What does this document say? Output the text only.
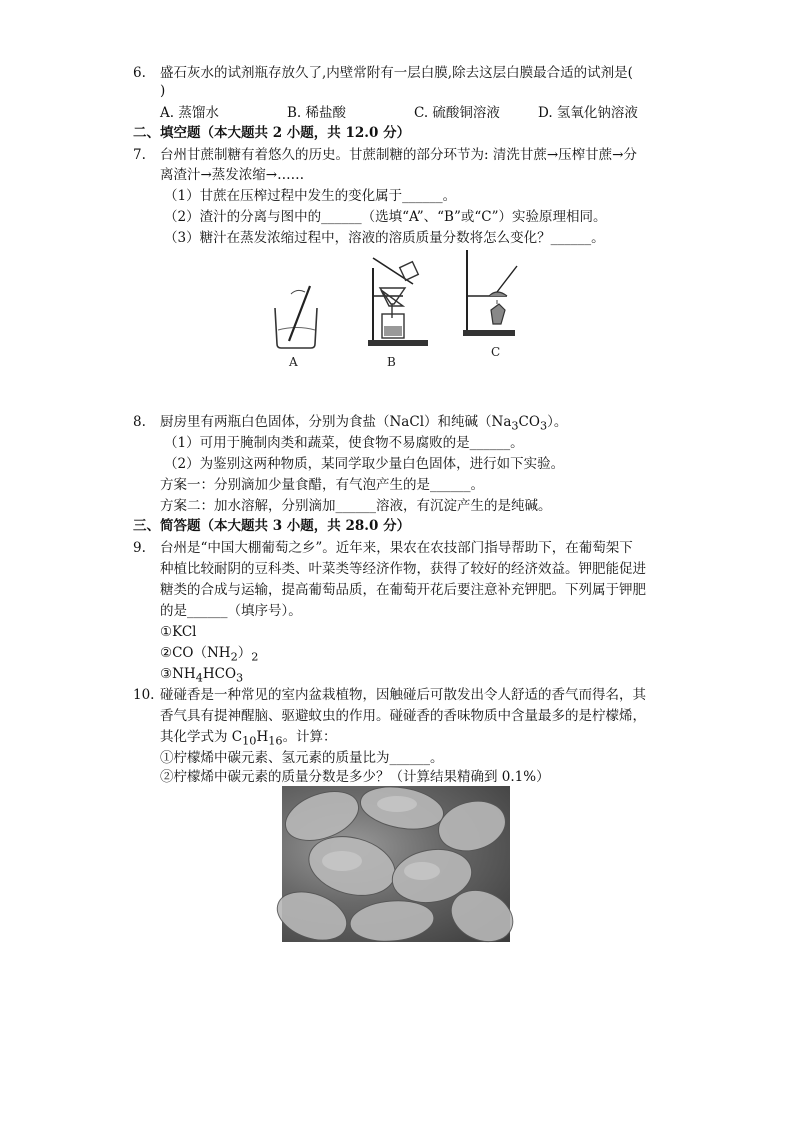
6. 盛石灰水的试剂瓶存放久了,内壁常附有一层白膜,除去这层白膜最合适的试剂是(
)
A. 蒸馏水	B. 稀盐酸	C. 硫酸铜溶液	D. 氢氧化钠溶液
二、填空题（本大题共 2 小题，共 12.0 分）
7. 台州甘蔗制糖有着悠久的历史。甘蔗制糖的部分环节为: 清洗甘蔗→压榨甘蔗→分
离渣汁→蒸发浓缩→……
（1）甘蔗在压榨过程中发生的变化属于______。
（2）渣汁的分离与图中的______（选填“A”、“B”或“C”）实验原理相同。
（3）糖汁在蒸发浓缩过程中，溶液的溶质质量分数将怎么变化？______。
A	B
C
8. 厨房里有两瓶白色固体，分别为食盐（NaCl）和纯碱$(Na_3CO_3)$。
（1）可用于腌制肉类和蔬菜，使食物不易腐败的是______。
（2）为鉴别这两种物质，某同学取少量白色固体，进行如下实验。
方案一：分别滴加少量食醋，有气泡产生的是______。
方案二：加水溶解，分别滴加______溶液，有沉淀产生的是纯碱。
三、简答题（本大题共 3 小题，共 28.0 分）
9. 台州是“中国大棚葡萄之乡”。近年来，果农在农技部门指导帮助下，在葡萄架下
种植比较耐阴的豆科类、叶菜类等经济作物，获得了较好的经济效益。钾肥能促进
糖类的合成与运输，提高葡萄品质，在葡萄开花后要注意补充钾肥。下列属于钾肥
的是______（填序号）。
①KCl
$②CO(NH_2)_2$
$③NH_4HCO_3$
10. 碰碰香是一种常见的室内盆栽植物，因触碰后可散发出令人舒适的香气而得名，其
香气具有提神醒脑、驱避蚊虫的作用。碰碰香的香味物质中含量最多的是柠檬烯，
其化学式为 $C_{10}H_{16}$。计算：
①柠檬烯中碳元素、氢元素的质量比为______。
②柠檬烯中碳元素的质量分数是多少？（计算结果精确到 0.1%）
